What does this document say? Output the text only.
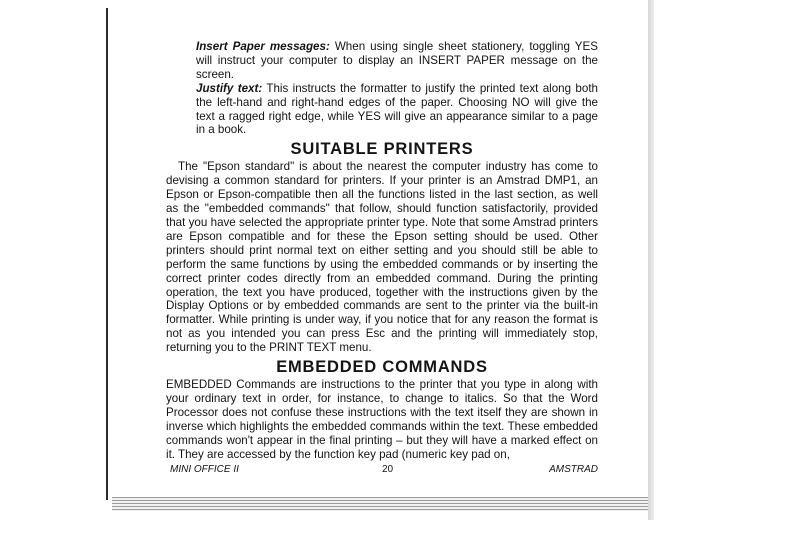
Insert Paper messages: When using single sheet stationery, toggling YES will instruct your computer to display an INSERT PAPER message on the screen.

Justify text: This instructs the formatter to justify the printed text along both the left-hand and right-hand edges of the paper. Choosing NO will give the text a ragged right edge, while YES will give an appearance similar to a page in a book.

SUITABLE PRINTERS

The "Epson standard" is about the nearest the computer industry has come to devising a common standard for printers. If your printer is an Amstrad DMP1, an Epson or Epson-compatible then all the functions listed in the last section, as well as the "embedded commands" that follow, should function satisfactorily, provided that you have selected the appropriate printer type. Note that some Amstrad printers are Epson compatible and for these the Epson setting should be used. Other printers should print normal text on either setting and you should still be able to perform the same functions by using the embedded commands or by inserting the correct printer codes directly from an embedded command. During the printing operation, the text you have produced, together with the instructions given by the Display Options or by embedded commands are sent to the printer via the built-in formatter. While printing is under way, if you notice that for any reason the format is not as you intended you can press Esc and the printing will immediately stop, returning you to the PRINT TEXT menu.

EMBEDDED COMMANDS

EMBEDDED Commands are instructions to the printer that you type in along with your ordinary text in order, for instance, to change to italics. So that the Word Processor does not confuse these instructions with the text itself they are shown in inverse which highlights the embedded commands within the text. These embedded commands won't appear in the final printing – but they will have a marked effect on it. They are accessed by the function key pad (numeric key pad on,

MINI OFFICE II	20	AMSTRAD
